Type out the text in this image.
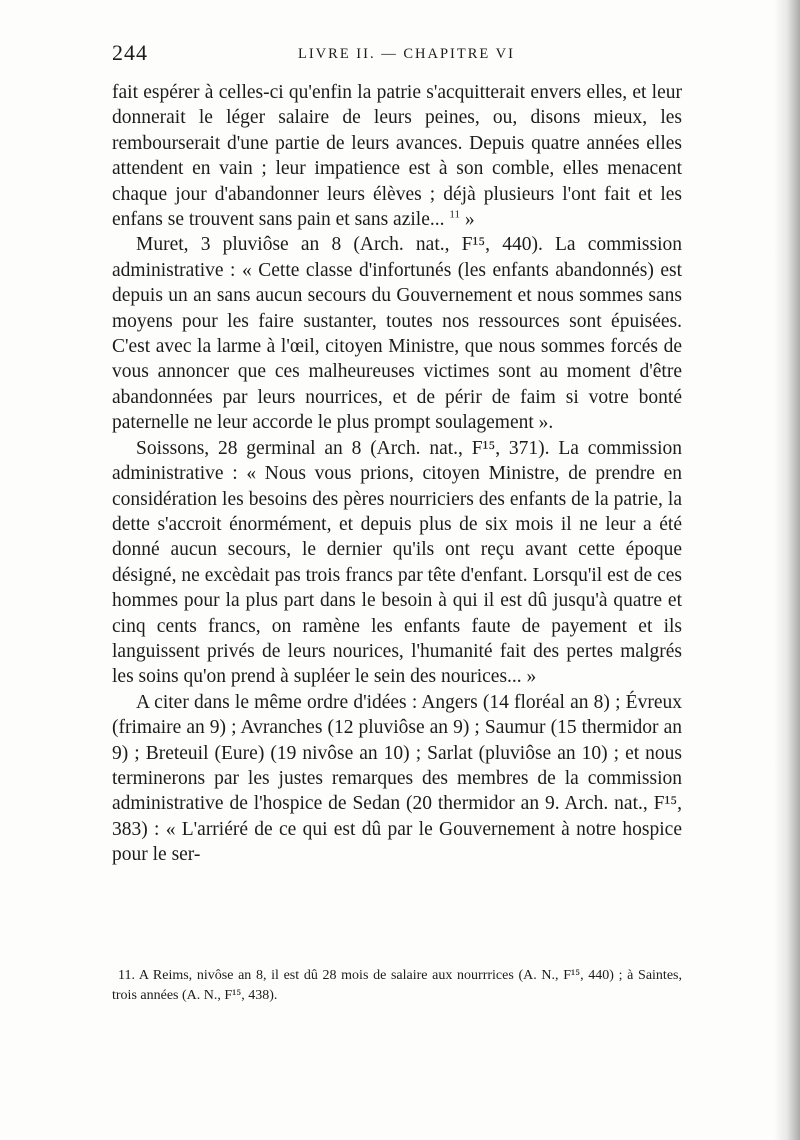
244	LIVRE II. — CHAPITRE VI

fait espérer à celles-ci qu'enfin la patrie s'acquitterait envers elles, et leur donnerait le léger salaire de leurs peines, ou, disons mieux, les rembourserait d'une partie de leurs avances. Depuis quatre années elles attendent en vain ; leur impatience est à son comble, elles menacent chaque jour d'abandonner leurs élèves ; déjà plusieurs l'ont fait et les enfans se trouvent sans pain et sans azile... $^{11}$ »

Muret, 3 pluviôse an 8 (Arch. nat., F¹⁵, 440). La commission administrative : « Cette classe d'infortunés (les enfants abandonnés) est depuis un an sans aucun secours du Gouvernement et nous sommes sans moyens pour les faire sustanter, toutes nos ressources sont épuisées. C'est avec la larme à l'œil, citoyen Ministre, que nous sommes forcés de vous annoncer que ces malheureuses victimes sont au moment d'être abandonnées par leurs nourrices, et de périr de faim si votre bonté paternelle ne leur accorde le plus prompt soulagement ».

Soissons, 28 germinal an 8 (Arch. nat., F¹⁵, 371). La commission administrative : « Nous vous prions, citoyen Ministre, de prendre en considération les besoins des pères nourriciers des enfants de la patrie, la dette s'accroit énormément, et depuis plus de six mois il ne leur a été donné aucun secours, le dernier qu'ils ont reçu avant cette époque désigné, ne excèdait pas trois francs par tête d'enfant. Lorsqu'il est de ces hommes pour la plus part dans le besoin à qui il est dû jusqu'à quatre et cinq cents francs, on ramène les enfants faute de payement et ils languissent privés de leurs nourices, l'humanité fait des pertes malgrés les soins qu'on prend à supléer le sein des nourices... »

A citer dans le même ordre d'idées : Angers (14 floréal an 8) ; Évreux (frimaire an 9) ; Avranches (12 pluviôse an 9) ; Saumur (15 thermidor an 9) ; Breteuil (Eure) (19 nivôse an 10) ; Sarlat (pluviôse an 10) ; et nous terminerons par les justes remarques des membres de la commission administrative de l'hospice de Sedan (20 thermidor an 9. Arch. nat., F¹⁵, 383) : « L'arriéré de ce qui est dû par le Gouvernement à notre hospice pour le ser-

11. A Reims, nivôse an 8, il est dû 28 mois de salaire aux nourrrices (A. N., F¹⁵, 440) ; à Saintes, trois années (A. N., F¹⁵, 438).
